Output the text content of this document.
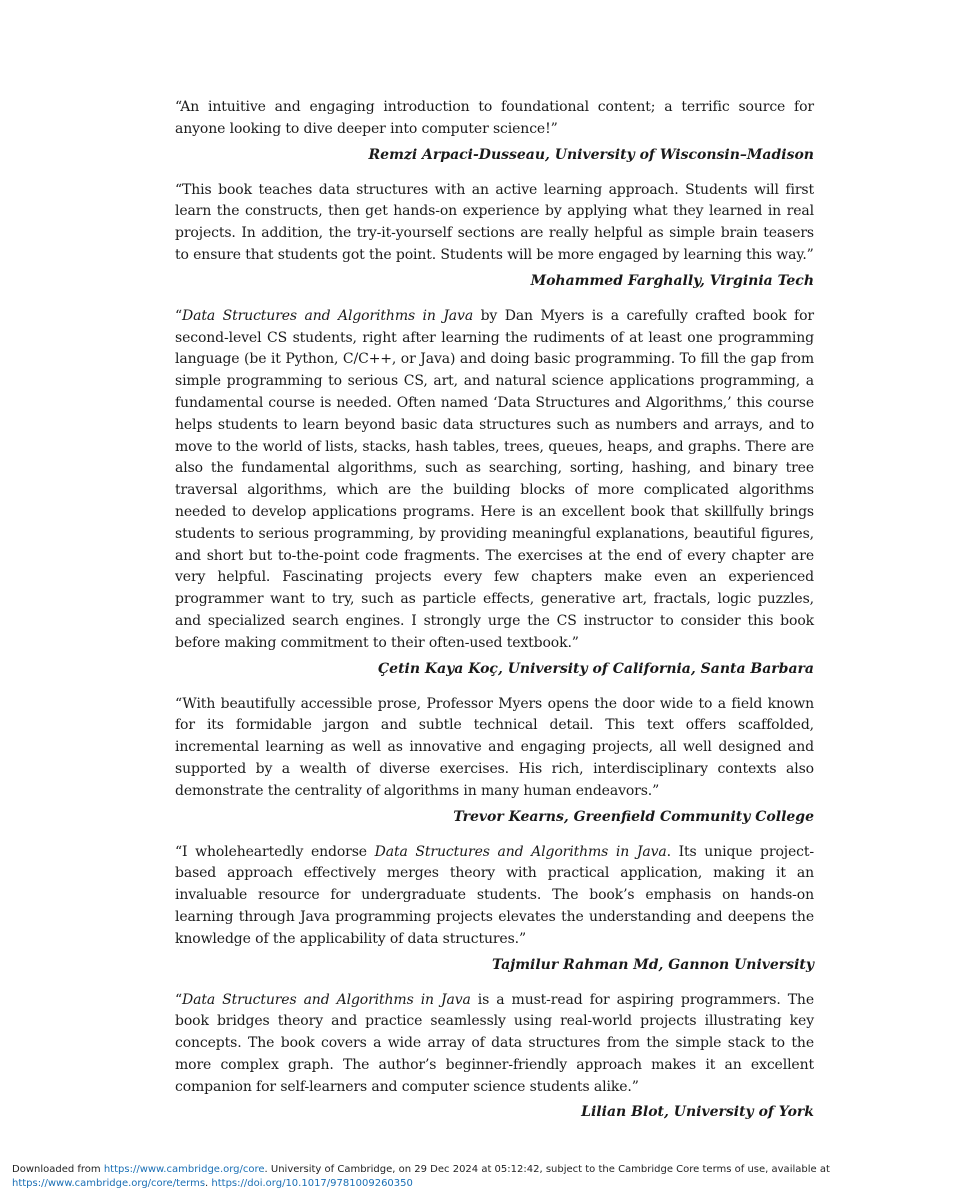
“An intuitive and engaging introduction to foundational content; a terrific source for anyone looking to dive deeper into computer science!”

Remzi Arpaci-Dusseau, University of Wisconsin–Madison

“This book teaches data structures with an active learning approach. Students will first learn the constructs, then get hands-on experience by applying what they learned in real projects. In addition, the try-it-yourself sections are really helpful as simple brain teasers to ensure that students got the point. Students will be more engaged by learning this way.”

Mohammed Farghally, Virginia Tech

“Data Structures and Algorithms in Java by Dan Myers is a carefully crafted book for second-level CS students, right after learning the rudiments of at least one programming language (be it Python, C/C++, or Java) and doing basic programming. To fill the gap from simple programming to serious CS, art, and natural science applications programming, a fundamental course is needed. Often named ‘Data Structures and Algorithms,’ this course helps students to learn beyond basic data structures such as numbers and arrays, and to move to the world of lists, stacks, hash tables, trees, queues, heaps, and graphs. There are also the fundamental algorithms, such as searching, sorting, hashing, and binary tree traversal algorithms, which are the building blocks of more complicated algorithms needed to develop applications programs. Here is an excellent book that skillfully brings students to serious programming, by providing meaningful explanations, beautiful figures, and short but to-the-point code fragments. The exercises at the end of every chapter are very helpful. Fascinating projects every few chapters make even an experienced programmer want to try, such as particle effects, generative art, fractals, logic puzzles, and specialized search engines. I strongly urge the CS instructor to consider this book before making commitment to their often-used textbook.”

Çetin Kaya Koç, University of California, Santa Barbara

“With beautifully accessible prose, Professor Myers opens the door wide to a field known for its formidable jargon and subtle technical detail. This text offers scaffolded, incremental learning as well as innovative and engaging projects, all well designed and supported by a wealth of diverse exercises. His rich, interdisciplinary contexts also demonstrate the centrality of algorithms in many human endeavors.”

Trevor Kearns, Greenfield Community College

“I wholeheartedly endorse Data Structures and Algorithms in Java. Its unique project-based approach effectively merges theory with practical application, making it an invaluable resource for undergraduate students. The book’s emphasis on hands-on learning through Java programming projects elevates the understanding and deepens the knowledge of the applicability of data structures.”

Tajmilur Rahman Md, Gannon University

“Data Structures and Algorithms in Java is a must-read for aspiring programmers. The book bridges theory and practice seamlessly using real-world projects illustrating key concepts. The book covers a wide array of data structures from the simple stack to the more complex graph. The author’s beginner-friendly approach makes it an excellent companion for self-learners and computer science students alike.”

Lilian Blot, University of York

Downloaded from https://www.cambridge.org/core. University of Cambridge, on 29 Dec 2024 at 05:12:42, subject to the Cambridge Core terms of use, available at
https://www.cambridge.org/core/terms. https://doi.org/10.1017/9781009260350
